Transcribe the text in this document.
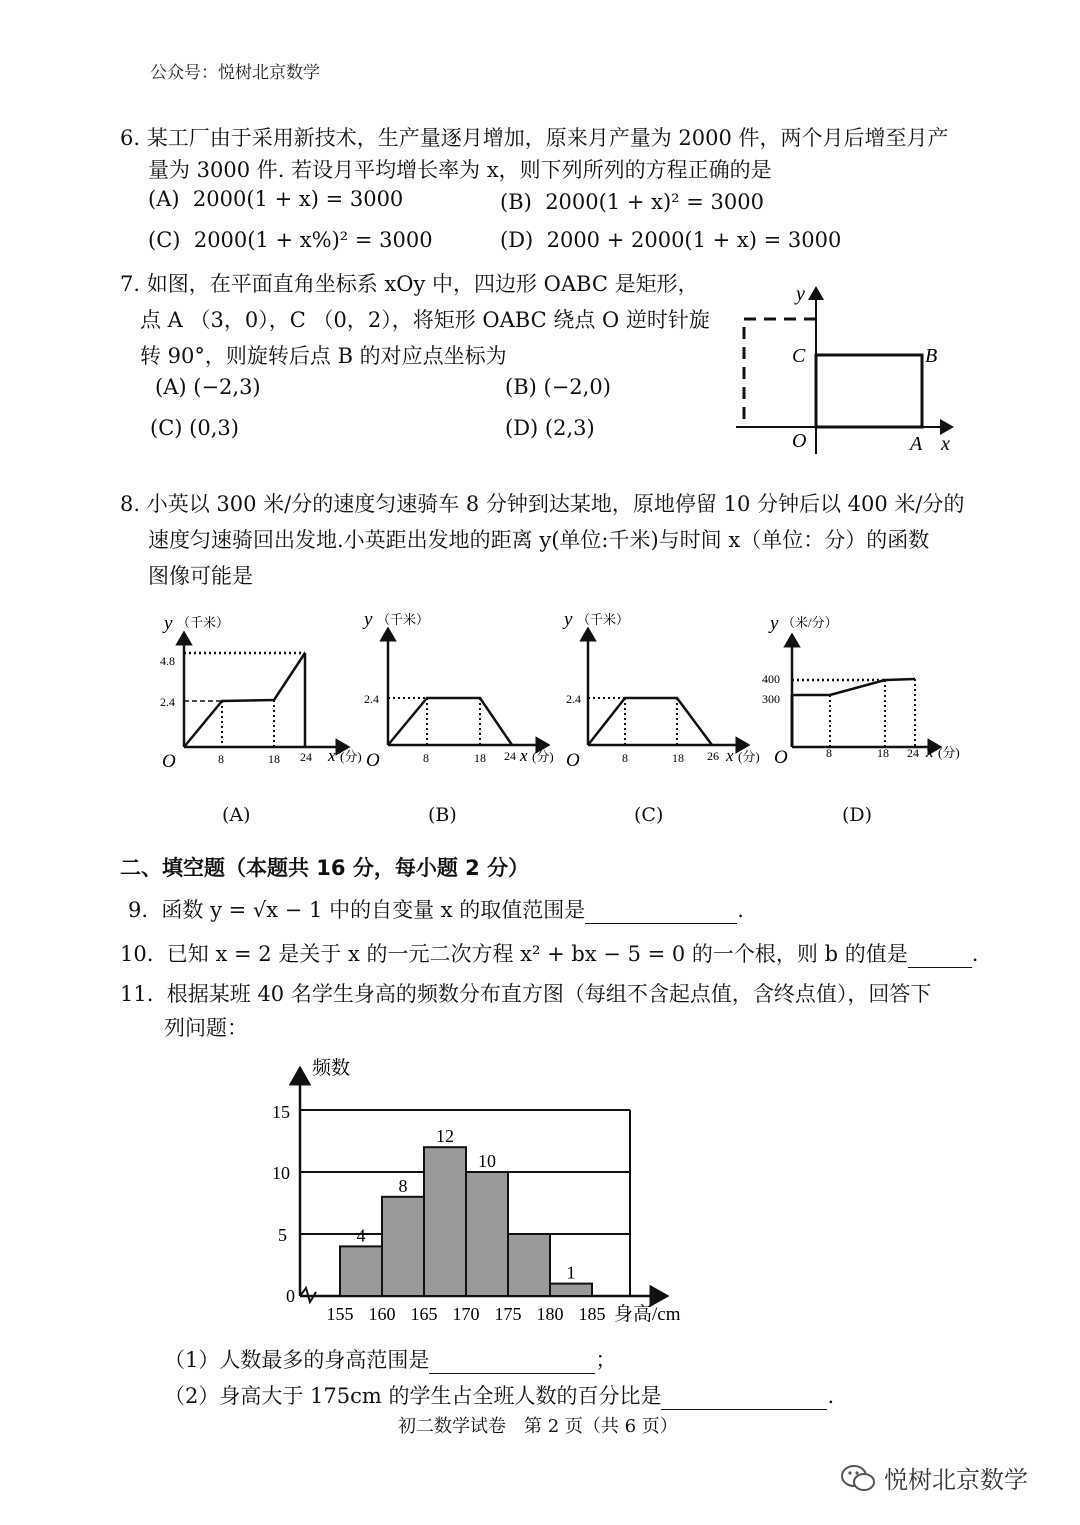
公众号：悦树北京数学
6. 某工厂由于采用新技术，生产量逐月增加，原来月产量为 2000 件，两个月后增至月产
量为 3000 件. 若设月平均增长率为 x，则下列所列的方程正确的是
(A) 2000(1 + x) = 3000	(B) 2000(1 + x)² = 3000
(C) 2000(1 + x%)² = 3000	(D) 2000 + 2000(1 + x) = 3000
7. 如图，在平面直角坐标系 xOy 中，四边形 OABC 是矩形，
点 A （3，0），C （0，2），将矩形 OABC 绕点 O 逆时针旋
转 90°，则旋转后点 B 的对应点坐标为
(A) (−2,3)	(B) (−2,0)
(C) (0,3)	(D) (2,3)
y
x
O	A
B
C
8. 小英以 300 米/分的速度匀速骑车 8 分钟到达某地，原地停留 10 分钟后以 400 米/分的
速度匀速骑回出发地.小英距出发地的距离 y(单位:千米)与时间 x（单位：分）的函数
图像可能是
y （千米）
4.8
2.4
O	8	18 24 x (分)
y （千米）
2.4
O	8	18 24 x (分)
y （千米）
2.4
O	8	18 26 x (分)
y （米/分）
400
300
O	8	18 24 x (分)
(A)	(B)	(C)	(D)
二、填空题（本题共 16 分，每小题 2 分）
9. 函数 y = √x − 1 中的自变量 x 的取值范围是	.
10. 已知 x = 2 是关于 x 的一元二次方程 x² + bx − 5 = 0 的一个根，则 b 的值是	.
11. 根据某班 40 名学生身高的频数分布直方图（每组不含起点值，含终点值），回答下
列问题：
4
8
12
10
1
频数
身高/cm
0
5
10
15
155 160 165 170 175 180 185
（1）人数最多的身高范围是	；
（2）身高大于 175cm 的学生占全班人数的百分比是	.
初二数学试卷　第 2 页（共 6 页）
悦树北京数学
